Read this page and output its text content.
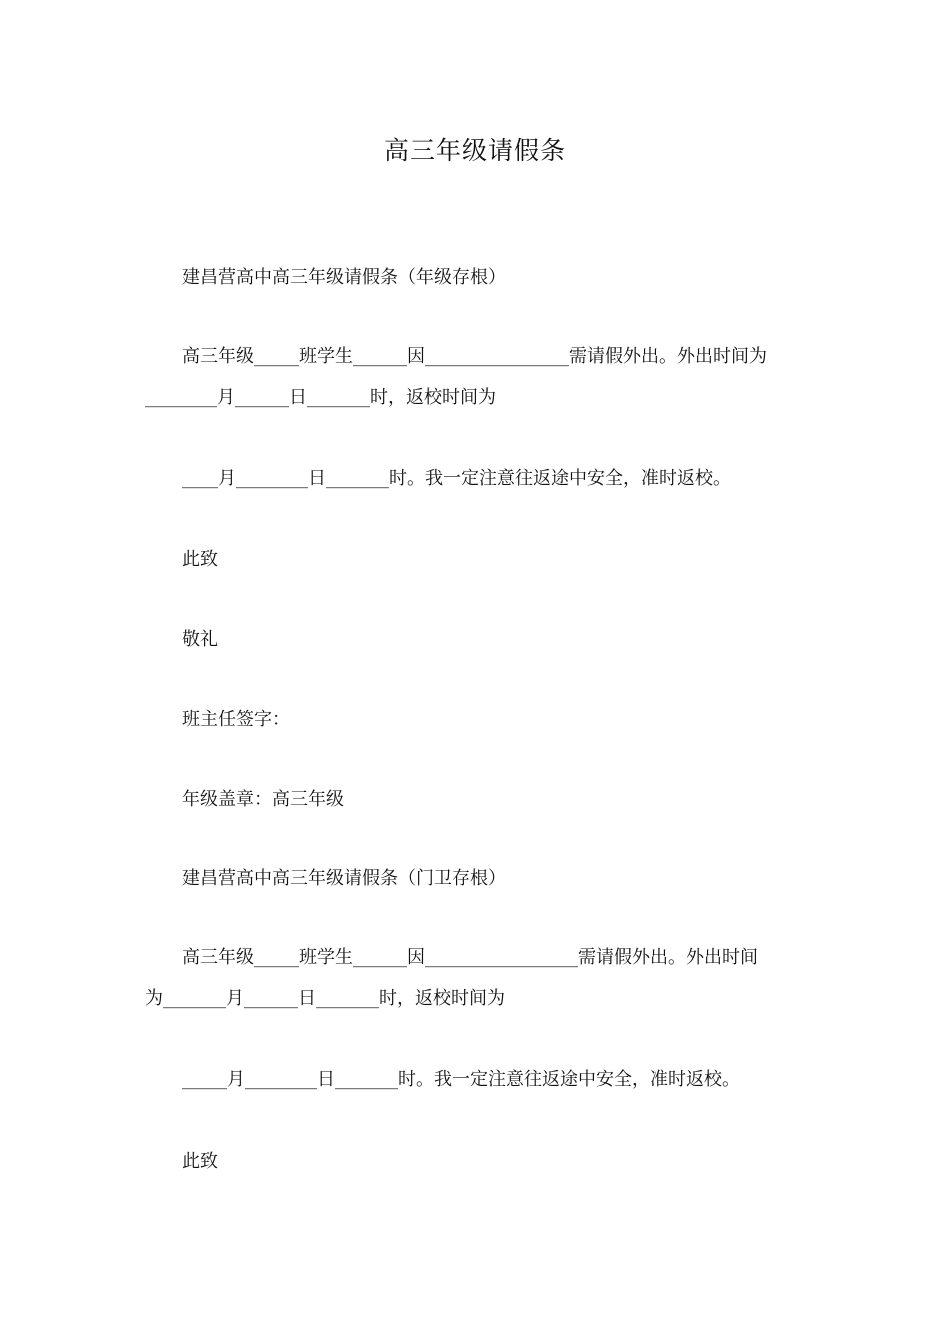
高三年级请假条
建昌营高中高三年级请假条（年级存根）
高三年级_____班学生______因________________需请假外出。外出时间为
________月______日_______时，返校时间为
____月________日_______时。我一定注意往返途中安全，准时返校。
此致
敬礼
班主任签字：
年级盖章：高三年级
建昌营高中高三年级请假条（门卫存根）
高三年级_____班学生______因_________________需请假外出。外出时间
为_______月______日_______时，返校时间为
_____月________日_______时。我一定注意往返途中安全，准时返校。
此致
